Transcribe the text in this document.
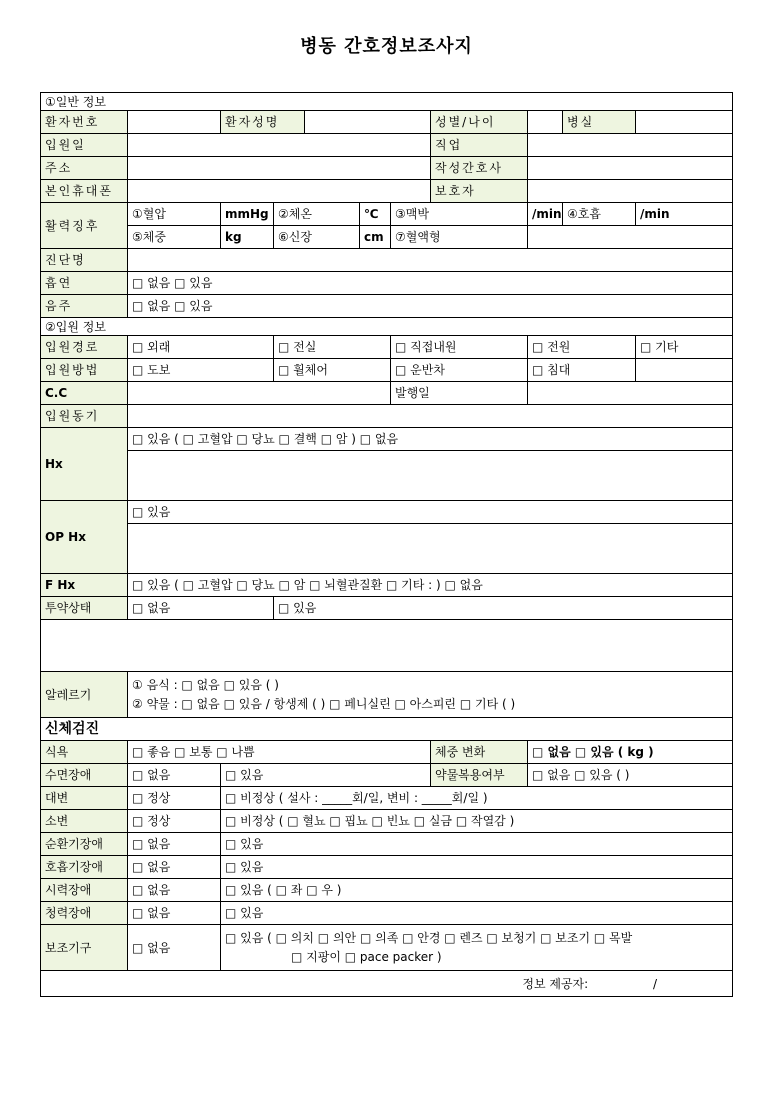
병동 간호정보조사지
①일반 정보										
환자번호		환자성명					성별/나이		병실	
입원일							직업			
주소							작성간호사			
본인휴대폰							보호자			
활력징후	①혈압	mmHg	②체온		℃	③맥박		/min	④호흡	/min
	⑤체중	kg	⑥신장		cm	⑦혈액형				
진단명										
흡연	□ 없음 □ 있음									
음주	□ 없음 □ 있음									
②입원 정보										
입원경로	□ 외래		□ 전실			□ 직접내원		□ 전원		□ 기타
입원방법	□ 도보		□ 휠체어			□ 운반차		□ 침대		
C.C						발행일				
입원동기										
Hx	□ 있음 ( □ 고혈압 □ 당뇨 □ 결핵 □ 암 ) □ 없음									

OP Hx	□ 있음									

F Hx	□ 있음 ( □ 고혈압 □ 당뇨 □ 암 □ 뇌혈관질환 □ 기타 : ) □ 없음									
투약상태	□ 없음		□ 있음							

알레르기	① 음식 : □ 없음 □ 있음 ( )
② 약물 : □ 없음 □ 있음 / 항생제 ( ) □ 페니실린 □ 아스피린 □ 기타 ( )									

신체검진										
식욕	□ 좋음 □ 보통 □ 나쁨						체중 변화	□ 없음 □ 있음 ( kg )		
수면장애	□ 없음	□ 있음					약물복용여부	□ 없음 □ 있음 ( )		
대변	□ 정상	□ 비정상 ( 설사 : _____회/일, 변비 : _____회/일 )								
소변	□ 정상	□ 비정상 ( □ 혈뇨 □ 핍뇨 □ 빈뇨 □ 실금 □ 작열감 )								
순환기장애	□ 없음	□ 있음								
호흡기장애	□ 없음	□ 있음								
시력장애	□ 없음	□ 있음 ( □ 좌 □ 우 )								
청력장애	□ 없음	□ 있음								
보조기구	□ 없음	□ 있음 ( □ 의치 □ 의안 □ 의족 □ 안경 □ 렌즈 □ 보청기 □ 보조기 □ 목발
□ 지팡이 □ pace packer )								

정보 제공자:                 /										
